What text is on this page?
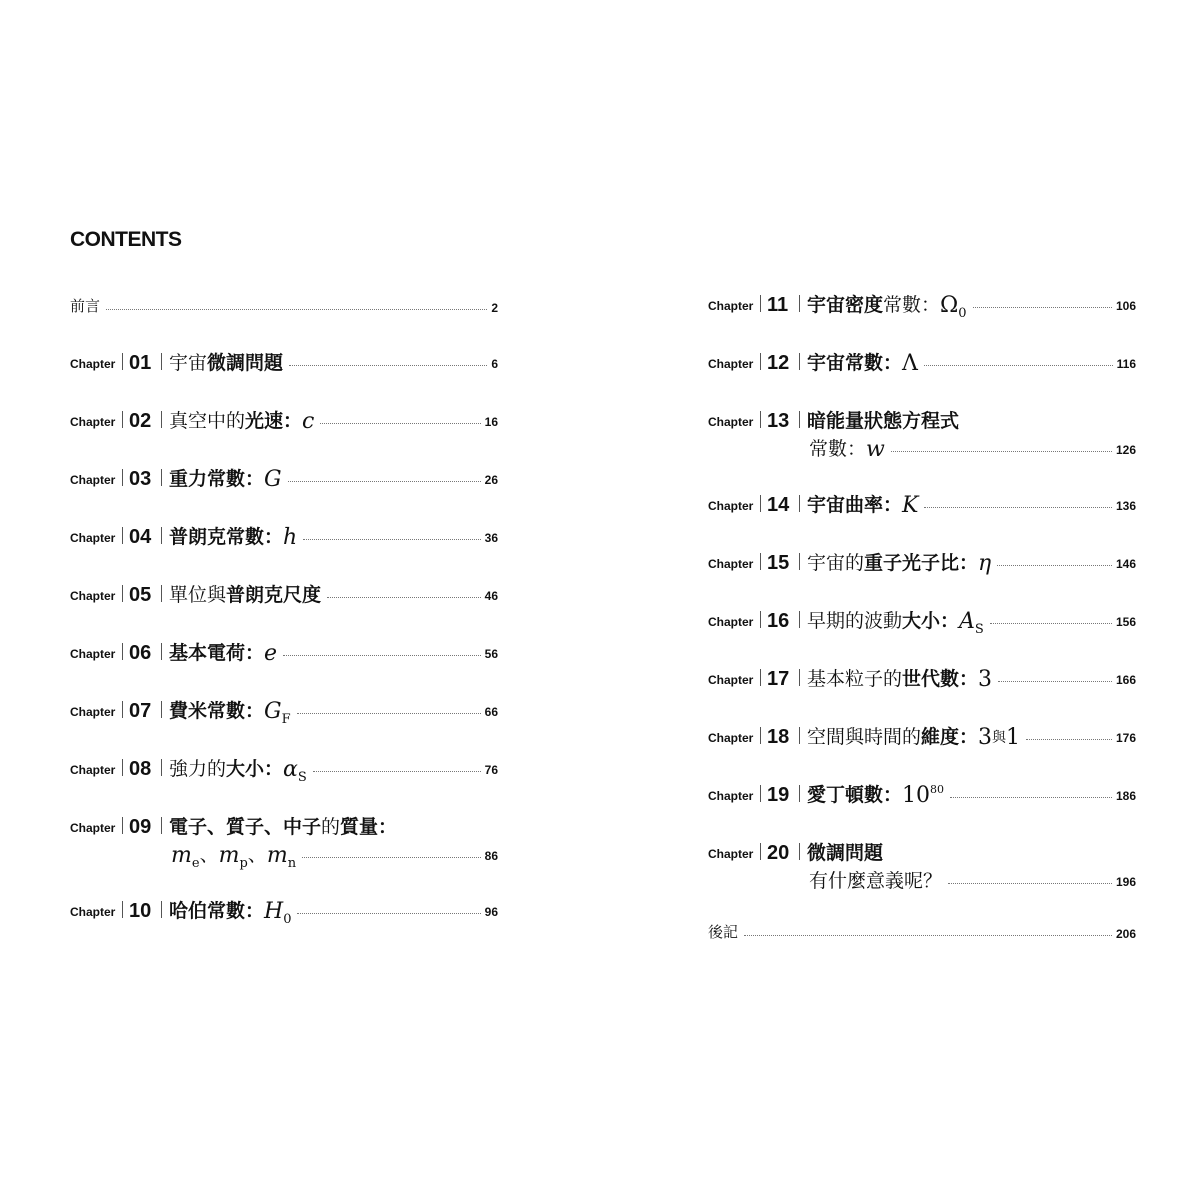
CONTENTS
前言	2
Chapter 01 宇宙 微調問題	6
Chapter 02 真空中的 光速： c	16
Chapter 03 重力常數： G	26
Chapter 04 普朗克常數： h	36
Chapter 05 單位與 普朗克尺度	46
Chapter 06 基本電荷： e	56
Chapter 07 費米常數： $G_F$	66
Chapter 08 強力的 大小： $\alpha_S$	76
Chapter 09 電子、質子、中子 的 質量：
$m_e$ 、 $m_p$ 、 $m_n$	86
Chapter 10 哈伯常數： $H_0$	96
Chapter 11 宇宙密度 常數： $\Omega_0$	106
Chapter 12 宇宙常數： Λ	116
Chapter 13 暗能量狀態方程式
常數： w	126
Chapter 14 宇宙曲率： K	136
Chapter 15 宇宙的 重子光子比： η	146
Chapter 16 早期的波動 大小： $A_S$	156
Chapter 17 基本粒子的 世代數： 3	166
Chapter 18 空間與時間的 維度： 3 與 1	176
Chapter 19 愛丁頓數： $10^{80}$	186
Chapter 20 微調問題
有什麼意義呢？	196
後記	206
